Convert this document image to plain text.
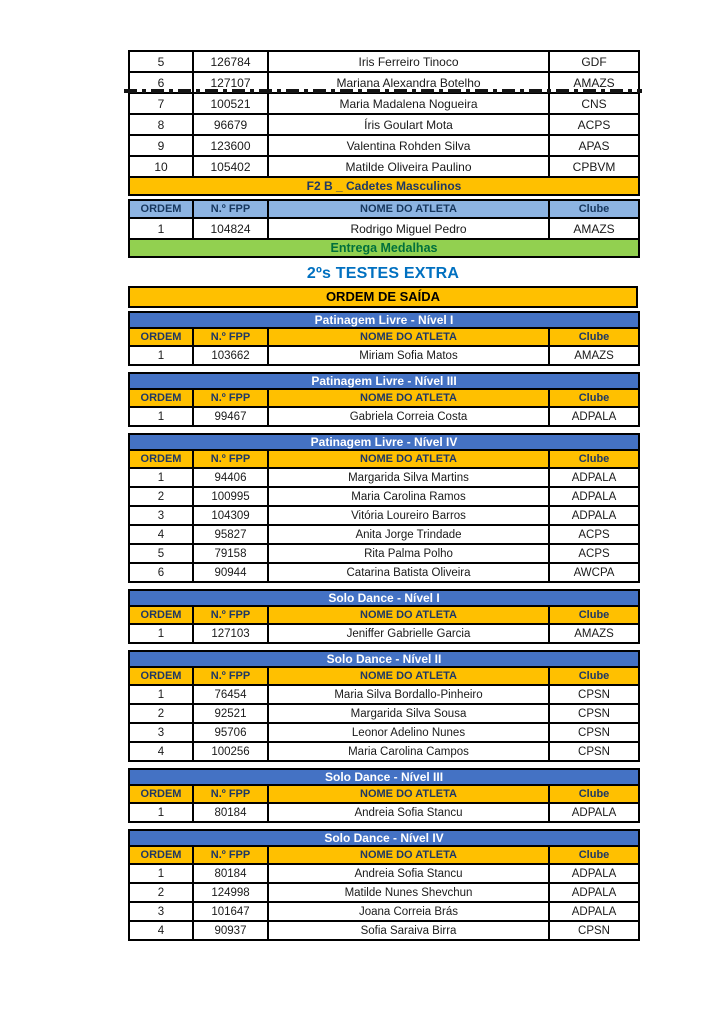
5	126784	Iris Ferreiro Tinoco	GDF
6	127107	Mariana Alexandra Botelho	AMAZS
7	100521	Maria Madalena Nogueira	CNS
8	96679	Íris Goulart Mota	ACPS
9	123600	Valentina Rohden Silva	APAS
10	105402	Matilde Oliveira Paulino	CPBVM
F2 B _ Cadetes Masculinos			
ORDEM	N.º FPP	NOME DO ATLETA	Clube
1	104824	Rodrigo Miguel Pedro	AMAZS
Entrega Medalhas			
2ºs TESTES EXTRA
ORDEM DE SAÍDA
Patinagem Livre - Nível I			
ORDEM	N.º FPP	NOME DO ATLETA	Clube
1	103662	Miriam Sofia Matos	AMAZS
Patinagem Livre - Nível III			
ORDEM	N.º FPP	NOME DO ATLETA	Clube
1	99467	Gabriela Correia Costa	ADPALA
Patinagem Livre - Nível IV			
ORDEM	N.º FPP	NOME DO ATLETA	Clube
1	94406	Margarida Silva Martins	ADPALA
2	100995	Maria Carolina Ramos	ADPALA
3	104309	Vitória Loureiro Barros	ADPALA
4	95827	Anita Jorge Trindade	ACPS
5	79158	Rita Palma Polho	ACPS
6	90944	Catarina Batista Oliveira	AWCPA
Solo Dance - Nível I			
ORDEM	N.º FPP	NOME DO ATLETA	Clube
1	127103	Jeniffer Gabrielle Garcia	AMAZS
Solo Dance - Nível II			
ORDEM	N.º FPP	NOME DO ATLETA	Clube
1	76454	Maria Silva Bordallo-Pinheiro	CPSN
2	92521	Margarida Silva Sousa	CPSN
3	95706	Leonor Adelino Nunes	CPSN
4	100256	Maria Carolina Campos	CPSN
Solo Dance - Nível III			
ORDEM	N.º FPP	NOME DO ATLETA	Clube
1	80184	Andreia Sofia Stancu	ADPALA
Solo Dance - Nível IV			
ORDEM	N.º FPP	NOME DO ATLETA	Clube
1	80184	Andreia Sofia Stancu	ADPALA
2	124998	Matilde Nunes Shevchun	ADPALA
3	101647	Joana Correia Brás	ADPALA
4	90937	Sofia Saraiva Birra	CPSN
